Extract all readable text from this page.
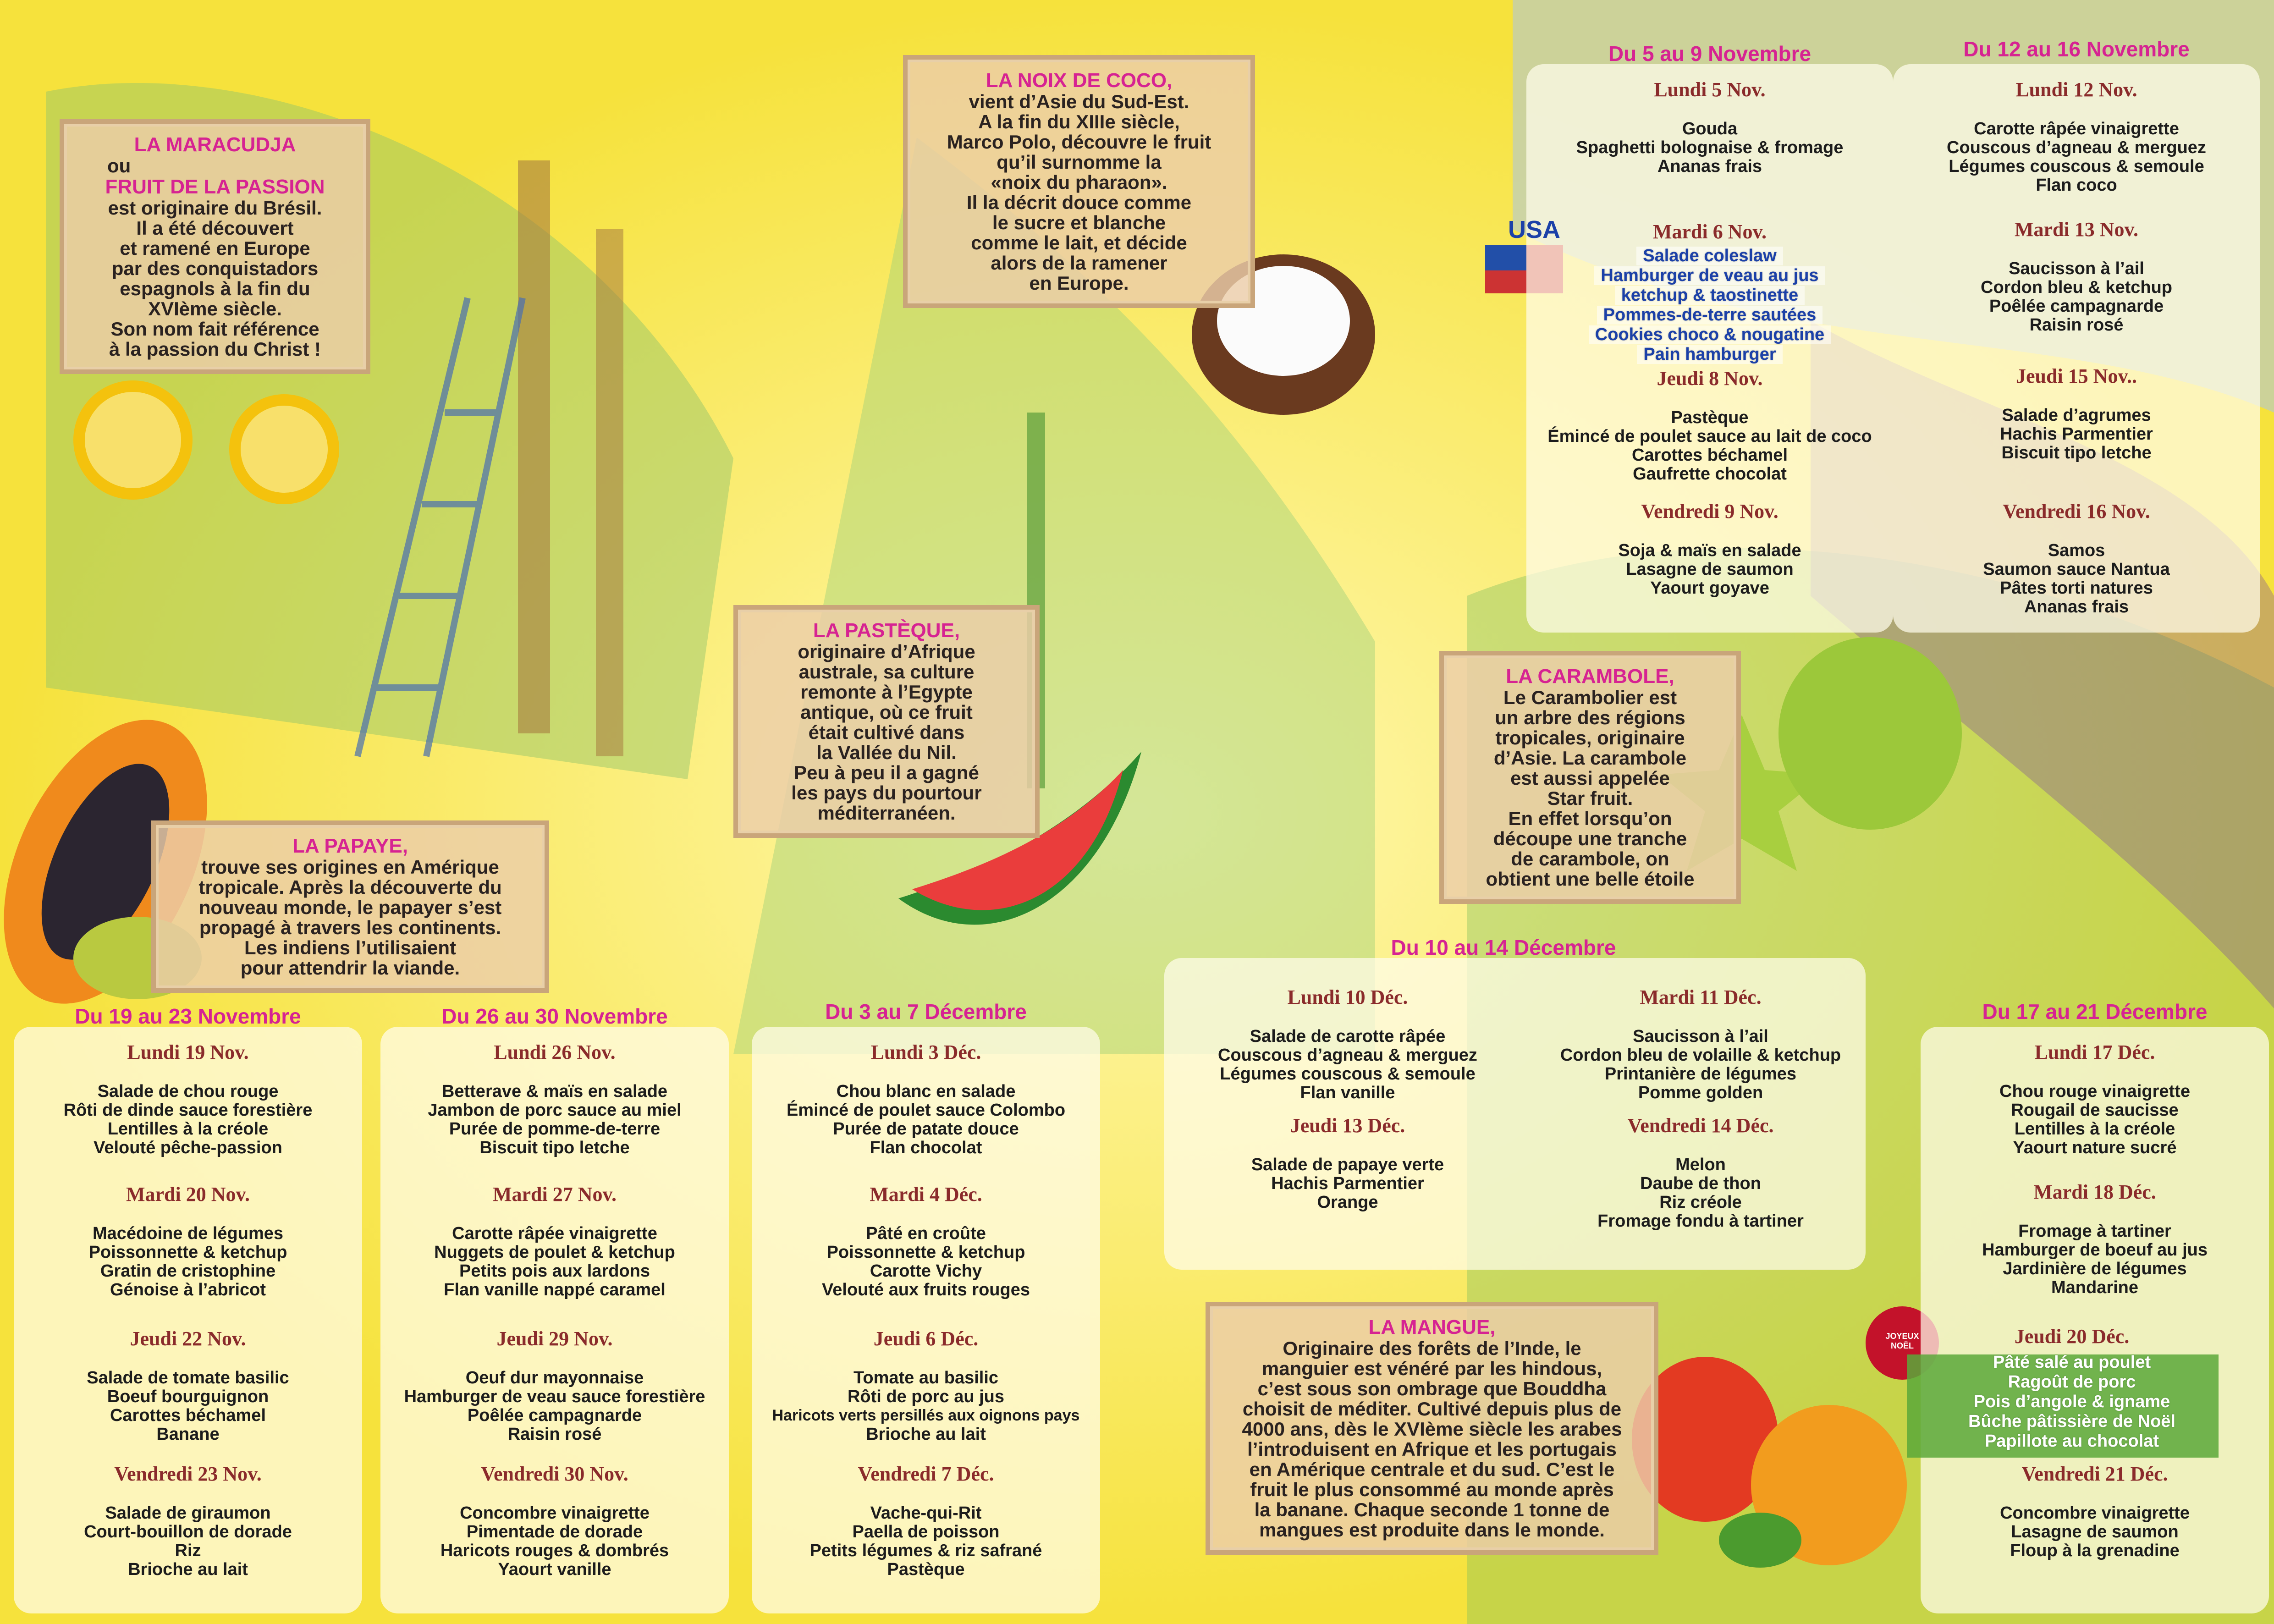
Du 5 au 9 Novembre	Du 12 au 16 Novembre
Du 19 au 23 Novembre	Du 26 au 30 Novembre	Du 3 au 7 Décembre
Du 10 au 14 Décembre
Du 17 au 21 Décembre
Lundi 5 Nov.
Gouda
Spaghetti bolognaise & fromage
Ananas frais
Mardi 6 Nov.
Salade coleslaw
Hamburger de veau au jus
ketchup & taostinette
Pommes-de-terre sautées
Cookies choco & nougatine
Pain hamburger
USA
Jeudi 8 Nov.
Pastèque
Émincé de poulet sauce au lait de coco
Carottes béchamel
Gaufrette chocolat
Vendredi 9 Nov.
Soja & maïs en salade
Lasagne de saumon
Yaourt goyave
Lundi 12 Nov.
Carotte râpée vinaigrette
Couscous d’agneau & merguez
Légumes couscous & semoule
Flan coco
Mardi 13 Nov.
Saucisson à l’ail
Cordon bleu & ketchup
Poêlée campagnarde
Raisin rosé
Jeudi 15 Nov..
Salade d’agrumes
Hachis Parmentier
Biscuit tipo letche
Vendredi 16 Nov.
Samos
Saumon sauce Nantua
Pâtes torti natures
Ananas frais
Lundi 19 Nov.
Salade de chou rouge
Rôti de dinde sauce forestière
Lentilles à la créole
Velouté pêche-passion
Mardi 20 Nov.
Macédoine de légumes
Poissonnette & ketchup
Gratin de cristophine
Génoise à l’abricot
Jeudi 22 Nov.
Salade de tomate basilic
Boeuf bourguignon
Carottes béchamel
Banane
Vendredi 23 Nov.
Salade de giraumon
Court-bouillon de dorade
Riz
Brioche au lait
Lundi 26 Nov.
Betterave & maïs en salade
Jambon de porc sauce au miel
Purée de pomme-de-terre
Biscuit tipo letche
Mardi 27 Nov.
Carotte râpée vinaigrette
Nuggets de poulet & ketchup
Petits pois aux lardons
Flan vanille nappé caramel
Jeudi 29 Nov.
Oeuf dur mayonnaise
Hamburger de veau sauce forestière
Poêlée campagnarde
Raisin rosé
Vendredi 30 Nov.
Concombre vinaigrette
Pimentade de dorade
Haricots rouges & dombrés
Yaourt vanille
Lundi 3 Déc.
Chou blanc en salade
Émincé de poulet sauce Colombo
Purée de patate douce
Flan chocolat
Mardi 4 Déc.
Pâté en croûte
Poissonnette & ketchup
Carotte Vichy
Velouté aux fruits rouges
Jeudi 6 Déc.
Tomate au basilic
Rôti de porc au jus
Haricots verts persillés aux oignons pays
Brioche au lait
Vendredi 7 Déc.
Vache-qui-Rit
Paella de poisson
Petits légumes & riz safrané
Pastèque
Lundi 10 Déc.
Salade de carotte râpée
Couscous d’agneau & merguez
Légumes couscous & semoule
Flan vanille
Mardi 11 Déc.
Saucisson à l’ail
Cordon bleu de volaille & ketchup
Printanière de légumes
Pomme golden
Jeudi 13 Déc.
Salade de papaye verte
Hachis Parmentier
Orange
Vendredi 14 Déc.
Melon
Daube de thon
Riz créole
Fromage fondu à tartiner
Lundi 17 Déc.
Chou rouge vinaigrette
Rougail de saucisse
Lentilles à la créole
Yaourt nature sucré
Mardi 18 Déc.
Fromage à tartiner
Hamburger de boeuf au jus
Jardinière de légumes
Mandarine
Jeudi 20 Déc.
Pâté salé au poulet
Ragoût de porc
Pois d’angole & igname
Bûche pâtissière de Noël
Papillote au chocolat
JOYEUX NOËL
Vendredi 21 Déc.
Concombre vinaigrette
Lasagne de saumon
Floup à la grenadine
LA MARACUDJA
ou
FRUIT DE LA PASSION
est originaire du Brésil.
Il a été découvert
et ramené en Europe
par des conquistadors
espagnols à la fin du
XVIème siècle.
Son nom fait référence
à la passion du Christ !
LA NOIX DE COCO,
vient d’Asie du Sud-Est.
A la fin du XIIIe siècle,
Marco Polo, découvre le fruit
qu’il surnomme la
«noix du pharaon».
Il la décrit douce comme
le sucre et blanche
comme le lait, et décide
alors de la ramener
en Europe.
LA PASTÈQUE,
originaire d’Afrique
australe, sa culture
remonte à l’Egypte
antique, où ce fruit
était cultivé dans
la Vallée du Nil.
Peu à peu il a gagné
les pays du pourtour
méditerranéen.
LA PAPAYE,
trouve ses origines en Amérique
tropicale. Après la découverte du
nouveau monde, le papayer s’est
propagé à travers les continents.
Les indiens l’utilisaient
pour attendrir la viande.
LA CARAMBOLE,
Le Carambolier est
un arbre des régions
tropicales, originaire
d’Asie. La carambole
est aussi appelée
Star fruit.
En effet lorsqu’on
découpe une tranche
de carambole, on
obtient une belle étoile
LA MANGUE,
Originaire des forêts de l’Inde, le
manguier est vénéré par les hindous,
c’est sous son ombrage que Bouddha
choisit de méditer. Cultivé depuis plus de
4000 ans, dès le XVIème siècle les arabes
l’introduisent en Afrique et les portugais
en Amérique centrale et du sud. C’est le
fruit le plus consommé au monde après
la banane. Chaque seconde 1 tonne de
mangues est produite dans le monde.
